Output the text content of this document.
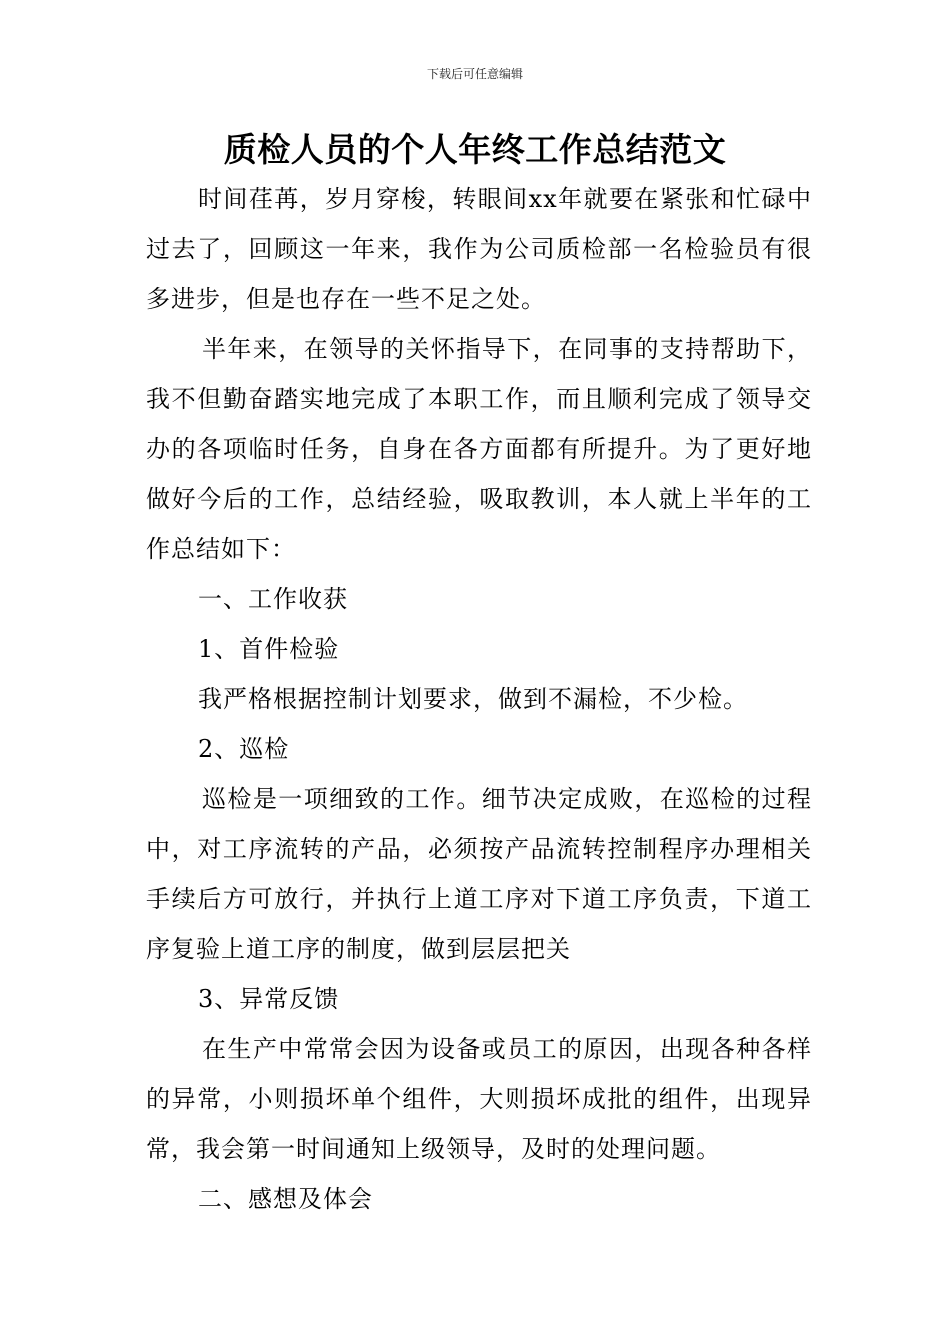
下载后可任意编辑
质检人员的个人年终工作总结范文

时间荏苒，岁月穿梭，转眼间xx年就要在紧张和忙碌中过去了，回顾这一年来，我作为公司质检部一名检验员有很多进步，但是也存在一些不足之处。

半年来，在领导的关怀指导下，在同事的支持帮助下，我不但勤奋踏实地完成了本职工作，而且顺利完成了领导交办的各项临时任务，自身在各方面都有所提升。为了更好地做好今后的工作，总结经验，吸取教训，本人就上半年的工作总结如下：

一、工作收获

1、首件检验

我严格根据控制计划要求，做到不漏检，不少检。

2、巡检

巡检是一项细致的工作。细节决定成败，在巡检的过程中，对工序流转的产品，必须按产品流转控制程序办理相关手续后方可放行，并执行上道工序对下道工序负责，下道工序复验上道工序的制度，做到层层把关

3、异常反馈

在生产中常常会因为设备或员工的原因，出现各种各样的异常，小则损坏单个组件，大则损坏成批的组件，出现异常，我会第一时间通知上级领导，及时的处理问题。

二、感想及体会
